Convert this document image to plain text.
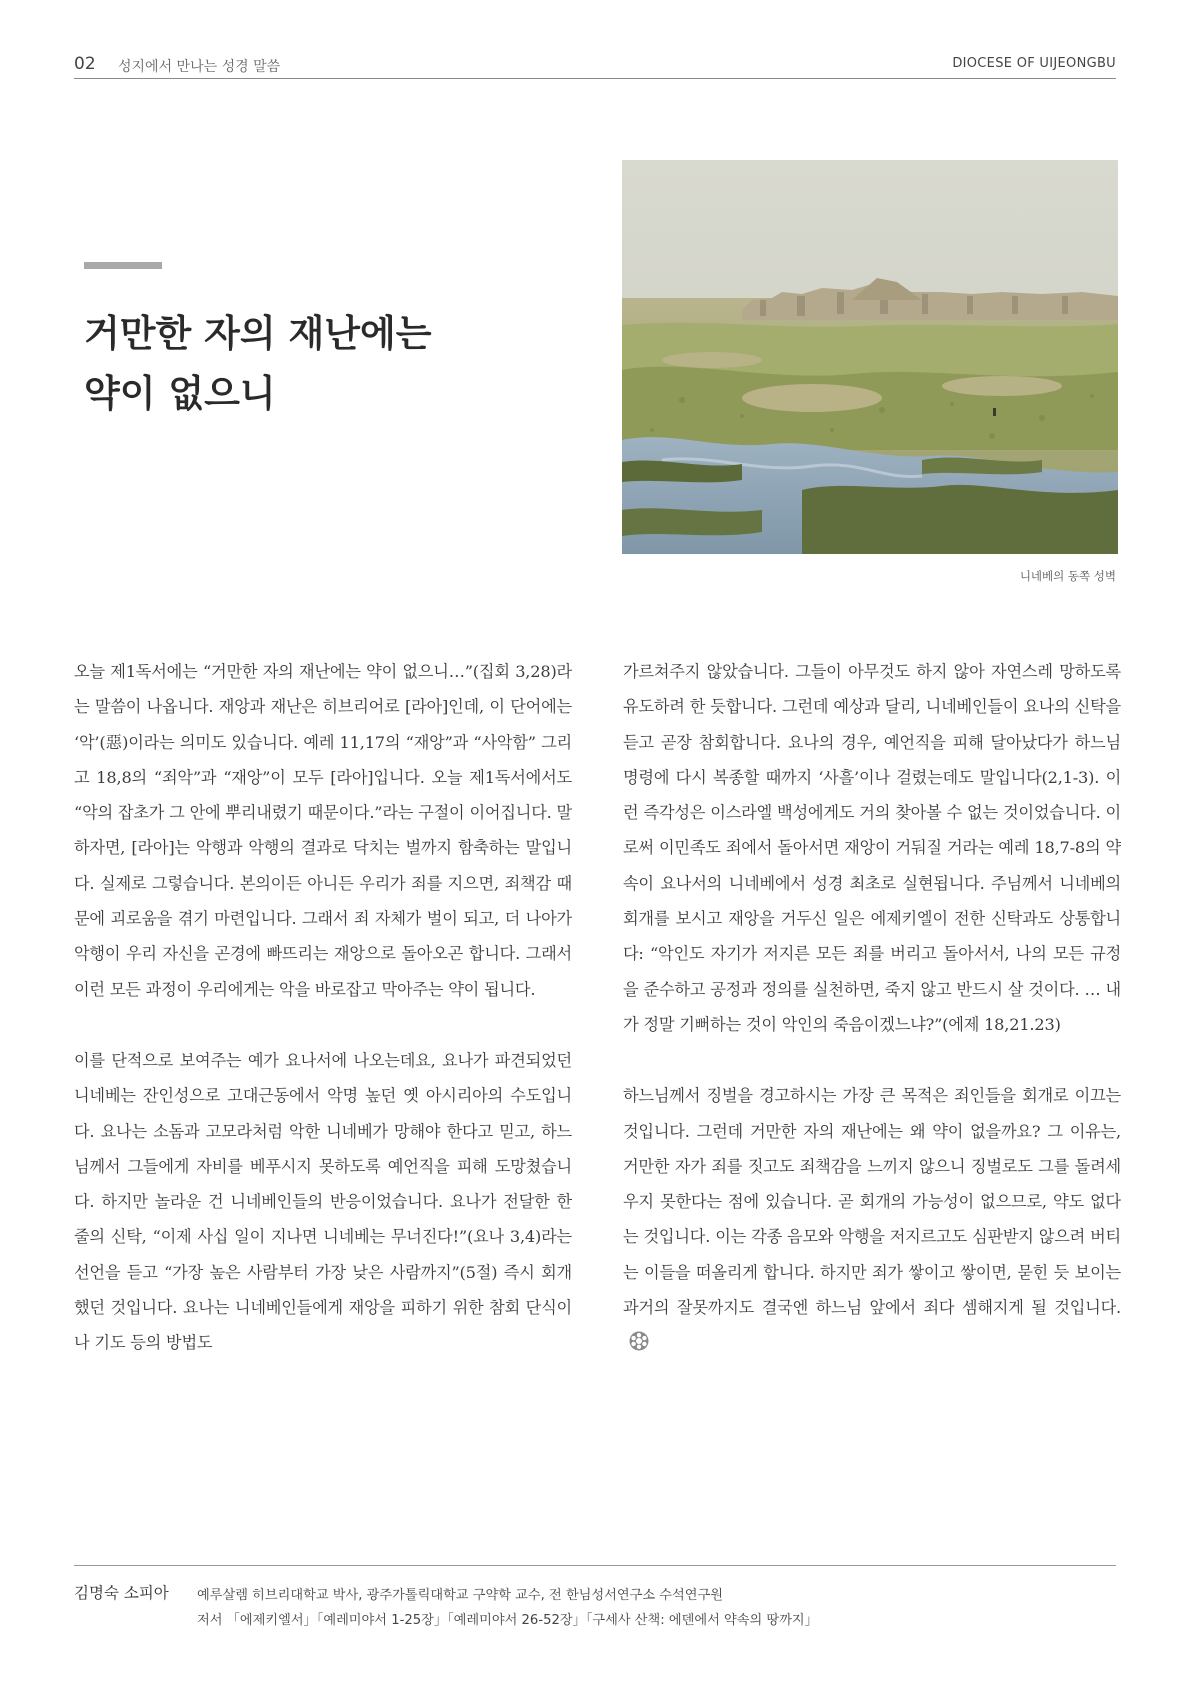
02 성지에서 만나는 성경 말씀	DIOCESE OF UIJEONGBU
거만한 자의 재난에는
약이 없으니
니네베의 동쪽 성벽

오늘 제1독서에는 “거만한 자의 재난에는 약이 없으니…”(집회 3,28)라는 말씀이 나옵니다. 재앙과 재난은 히브리어로 [라아]인데, 이 단어에는 ‘악’(惡)이라는 의미도 있습니다. 예레 11,17의 “재앙”과 “사악함” 그리고 18,8의 “죄악”과 “재앙”이 모두 [라아]입니다. 오늘 제1독서에서도 “악의 잡초가 그 안에 뿌리내렸기 때문이다.”라는 구절이 이어집니다. 말하자면, [라아]는 악행과 악행의 결과로 닥치는 벌까지 함축하는 말입니다. 실제로 그렇습니다. 본의이든 아니든 우리가 죄를 지으면, 죄책감 때문에 괴로움을 겪기 마련입니다. 그래서 죄 자체가 벌이 되고, 더 나아가 악행이 우리 자신을 곤경에 빠뜨리는 재앙으로 돌아오곤 합니다. 그래서 이런 모든 과정이 우리에게는 악을 바로잡고 막아주는 약이 됩니다.

이를 단적으로 보여주는 예가 요나서에 나오는데요, 요나가 파견되었던 니네베는 잔인성으로 고대근동에서 악명 높던 옛 아시리아의 수도입니다. 요나는 소돔과 고모라처럼 악한 니네베가 망해야 한다고 믿고, 하느님께서 그들에게 자비를 베푸시지 못하도록 예언직을 피해 도망쳤습니다. 하지만 놀라운 건 니네베인들의 반응이었습니다. 요나가 전달한 한 줄의 신탁, “이제 사십 일이 지나면 니네베는 무너진다!”(요나 3,4)라는 선언을 듣고 “가장 높은 사람부터 가장 낮은 사람까지”(5절) 즉시 회개했던 것입니다. 요나는 니네베인들에게 재앙을 피하기 위한 참회 단식이나 기도 등의 방법도

가르쳐주지 않았습니다. 그들이 아무것도 하지 않아 자연스레 망하도록 유도하려 한 듯합니다. 그런데 예상과 달리, 니네베인들이 요나의 신탁을 듣고 곧장 참회합니다. 요나의 경우, 예언직을 피해 달아났다가 하느님 명령에 다시 복종할 때까지 ‘사흘’이나 걸렸는데도 말입니다(2,1-3). 이런 즉각성은 이스라엘 백성에게도 거의 찾아볼 수 없는 것이었습니다. 이로써 이민족도 죄에서 돌아서면 재앙이 거둬질 거라는 예레 18,7-8의 약속이 요나서의 니네베에서 성경 최초로 실현됩니다. 주님께서 니네베의 회개를 보시고 재앙을 거두신 일은 에제키엘이 전한 신탁과도 상통합니다: “악인도 자기가 저지른 모든 죄를 버리고 돌아서서, 나의 모든 규정을 준수하고 공정과 정의를 실천하면, 죽지 않고 반드시 살 것이다. … 내가 정말 기뻐하는 것이 악인의 죽음이겠느냐?”(에제 18,21.23)

하느님께서 징벌을 경고하시는 가장 큰 목적은 죄인들을 회개로 이끄는 것입니다. 그런데 거만한 자의 재난에는 왜 약이 없을까요? 그 이유는, 거만한 자가 죄를 짓고도 죄책감을 느끼지 않으니 징벌로도 그를 돌려세우지 못한다는 점에 있습니다. 곧 회개의 가능성이 없으므로, 약도 없다는 것입니다. 이는 각종 음모와 악행을 저지르고도 심판받지 않으려 버티는 이들을 떠올리게 합니다. 하지만 죄가 쌓이고 쌓이면, 묻힌 듯 보이는 과거의 잘못까지도 결국엔 하느님 앞에서 죄다 셈해지게 될 것입니다.

김명숙 소피아 예루살렘 히브리대학교 박사, 광주가톨릭대학교 구약학 교수, 전 한님성서연구소 수석연구원
저서 「에제키엘서」「예레미야서 1-25장」「예레미야서 26-52장」「구세사 산책: 에덴에서 약속의 땅까지」
